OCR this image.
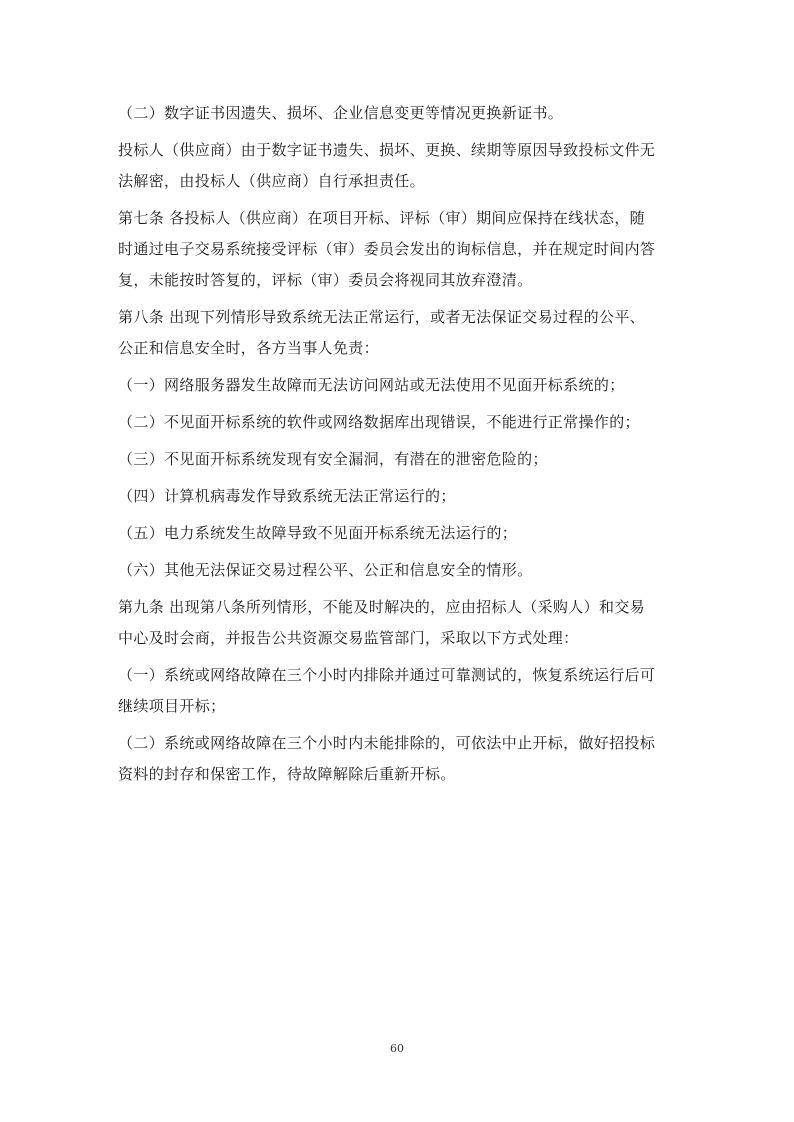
（二）数字证书因遗失、损坏、企业信息变更等情况更换新证书。

投标人（供应商）由于数字证书遗失、损坏、更换、续期等原因导致投标文件无
法解密，由投标人（供应商）自行承担责任。

第七条 各投标人（供应商）在项目开标、评标（审）期间应保持在线状态，随
时通过电子交易系统接受评标（审）委员会发出的询标信息，并在规定时间内答
复，未能按时答复的，评标（审）委员会将视同其放弃澄清。

第八条 出现下列情形导致系统无法正常运行，或者无法保证交易过程的公平、
公正和信息安全时，各方当事人免责：

（一）网络服务器发生故障而无法访问网站或无法使用不见面开标系统的；

（二）不见面开标系统的软件或网络数据库出现错误，不能进行正常操作的；

（三）不见面开标系统发现有安全漏洞，有潜在的泄密危险的；

（四）计算机病毒发作导致系统无法正常运行的；

（五）电力系统发生故障导致不见面开标系统无法运行的；

（六）其他无法保证交易过程公平、公正和信息安全的情形。

第九条 出现第八条所列情形，不能及时解决的，应由招标人（采购人）和交易
中心及时会商，并报告公共资源交易监管部门，采取以下方式处理：

（一）系统或网络故障在三个小时内排除并通过可靠测试的，恢复系统运行后可
继续项目开标；

（二）系统或网络故障在三个小时内未能排除的，可依法中止开标，做好招投标
资料的封存和保密工作，待故障解除后重新开标。

60
